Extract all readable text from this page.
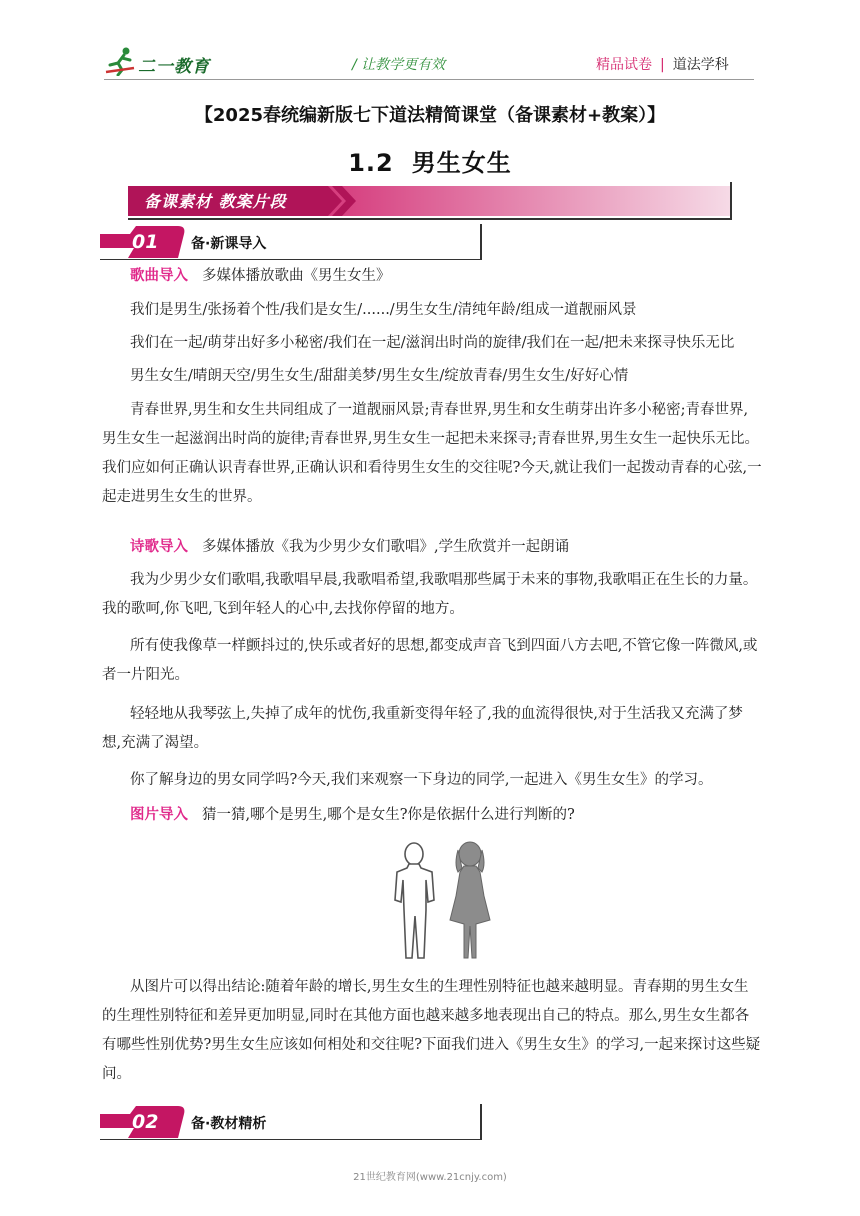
二一教育	/ 让教学更有效	精品试卷 | 道法学科
【2025春统编新版七下道法精简课堂（备课素材+教案）】
1.2 男生女生
备课素材 教案片段
01 备·新课导入
歌曲导入 多媒体播放歌曲《男生女生》
我们是男生/张扬着个性/我们是女生/....../男生女生/清纯年龄/组成一道靓丽风景
我们在一起/萌芽出好多小秘密/我们在一起/滋润出时尚的旋律/我们在一起/把未来探寻快乐无比
男生女生/晴朗天空/男生女生/甜甜美梦/男生女生/绽放青春/男生女生/好好心情
青春世界,男生和女生共同组成了一道靓丽风景;青春世界,男生和女生萌芽出许多小秘密;青春世界,男生女生一起滋润出时尚的旋律;青春世界,男生女生一起把未来探寻;青春世界,男生女生一起快乐无比。我们应如何正确认识青春世界,正确认识和看待男生女生的交往呢?今天,就让我们一起拨动青春的心弦,一起走进男生女生的世界。
诗歌导入 多媒体播放《我为少男少女们歌唱》,学生欣赏并一起朗诵
我为少男少女们歌唱,我歌唱早晨,我歌唱希望,我歌唱那些属于未来的事物,我歌唱正在生长的力量。我的歌呵,你飞吧,飞到年轻人的心中,去找你停留的地方。
所有使我像草一样颤抖过的,快乐或者好的思想,都变成声音飞到四面八方去吧,不管它像一阵微风,或者一片阳光。
轻轻地从我琴弦上,失掉了成年的忧伤,我重新变得年轻了,我的血流得很快,对于生活我又充满了梦想,充满了渴望。
你了解身边的男女同学吗?今天,我们来观察一下身边的同学,一起进入《男生女生》的学习。
图片导入 猜一猜,哪个是男生,哪个是女生?你是依据什么进行判断的?
从图片可以得出结论:随着年龄的增长,男生女生的生理性别特征也越来越明显。青春期的男生女生的生理性别特征和差异更加明显,同时在其他方面也越来越多地表现出自己的特点。那么,男生女生都各有哪些性别优势?男生女生应该如何相处和交往呢?下面我们进入《男生女生》的学习,一起来探讨这些疑问。
02 备·教材精析
21世纪教育网(www.21cnjy.com)
